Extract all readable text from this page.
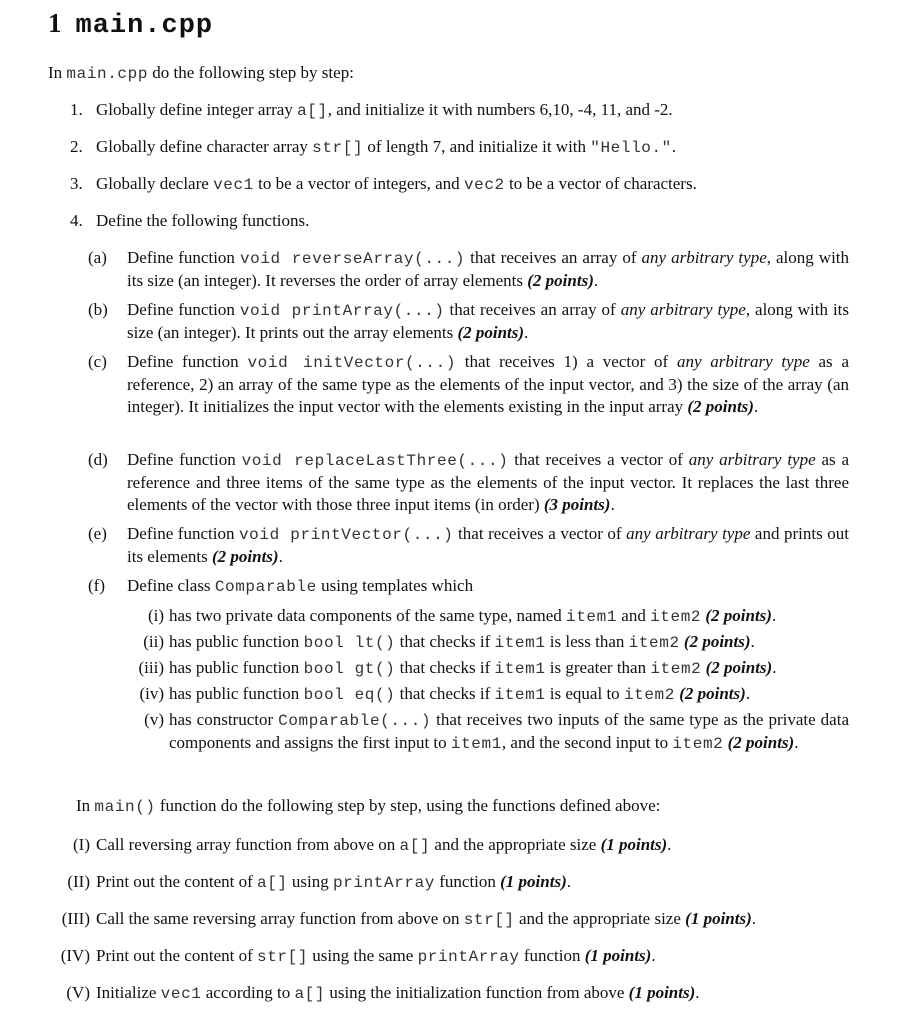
1 main.cpp
In main.cpp do the following step by step:
1. Globally define integer array a[], and initialize it with numbers 6,10, -4, 11, and -2.
2. Globally define character array str[] of length 7, and initialize it with "Hello.".
3. Globally declare vec1 to be a vector of integers, and vec2 to be a vector of characters.
4. Define the following functions.
(a)	Define function void reverseArray(...) that receives an array of any arbitrary type, along with its size (an integer). It reverses the order of array elements (2 points).
(b)	Define function void printArray(...) that receives an array of any arbitrary type, along with its size (an integer). It prints out the array elements (2 points).
(c)	Define function void initVector(...) that receives 1) a vector of any arbitrary type as a reference, 2) an array of the same type as the elements of the input vector, and 3) the size of the array (an integer). It initializes the input vector with the elements existing in the input array (2 points).
(d)	Define function void replaceLastThree(...) that receives a vector of any arbitrary type as a reference and three items of the same type as the elements of the input vector. It replaces the last three elements of the vector with those three input items (in order) (3 points).
(e)	Define function void printVector(...) that receives a vector of any arbitrary type and prints out its elements (2 points).
(f)	Define class Comparable using templates which
(i) has two private data components of the same type, named item1 and item2 (2 points).
(ii) has public function bool lt() that checks if item1 is less than item2 (2 points).
(iii) has public function bool gt() that checks if item1 is greater than item2 (2 points).
(iv) has public function bool eq() that checks if item1 is equal to item2 (2 points).
(v) has constructor Comparable(...) that receives two inputs of the same type as the private data components and assigns the first input to item1, and the second input to item2 (2 points).
In main() function do the following step by step, using the functions defined above:
(I) Call reversing array function from above on a[] and the appropriate size (1 points).
(II) Print out the content of a[] using printArray function (1 points).
(III) Call the same reversing array function from above on str[] and the appropriate size (1 points).
(IV) Print out the content of str[] using the same printArray function (1 points).
(V) Initialize vec1 according to a[] using the initialization function from above (1 points).
